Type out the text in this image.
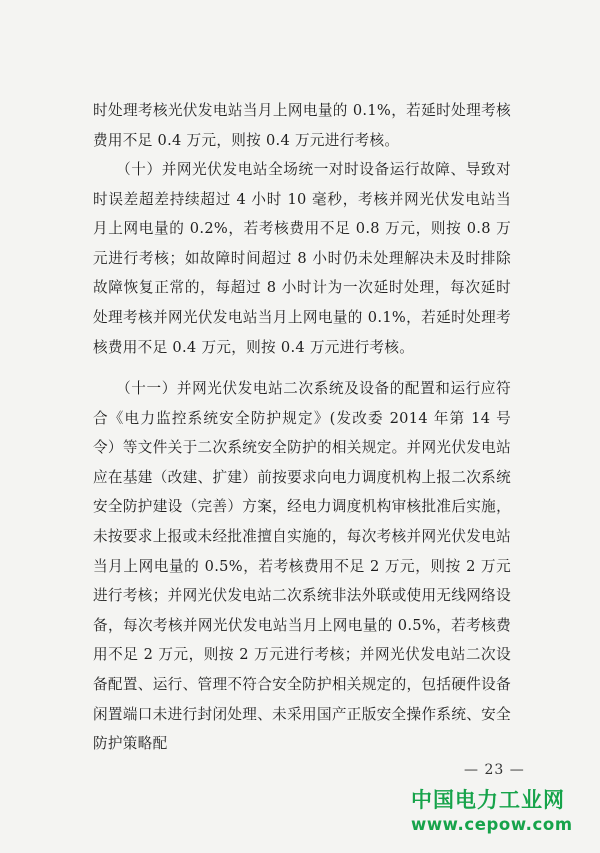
时处理考核光伏发电站当月上网电量的 0.1%，若延时处理考核费用不足 0.4 万元，则按 0.4 万元进行考核。

　　（十）并网光伏发电站全场统一对时设备运行故障、导致对时误差超差持续超过 4 小时 10 毫秒，考核并网光伏发电站当月上网电量的 0.2%，若考核费用不足 0.8 万元，则按 0.8 万元进行考核；如故障时间超过 8 小时仍未处理解决未及时排除故障恢复正常的，每超过 8 小时计为一次延时处理，每次延时处理考核并网光伏发电站当月上网电量的 0.1%，若延时处理考核费用不足 0.4 万元，则按 0.4 万元进行考核。

　　（十一）并网光伏发电站二次系统及设备的配置和运行应符合《电力监控系统安全防护规定》(发改委 2014 年第 14 号令）等文件关于二次系统安全防护的相关规定。并网光伏发电站应在基建（改建、扩建）前按要求向电力调度机构上报二次系统安全防护建设（完善）方案，经电力调度机构审核批准后实施，未按要求上报或未经批准擅自实施的，每次考核并网光伏发电站当月上网电量的 0.5%，若考核费用不足 2 万元，则按 2 万元进行考核；并网光伏发电站二次系统非法外联或使用无线网络设备，每次考核并网光伏发电站当月上网电量的 0.5%，若考核费用不足 2 万元，则按 2 万元进行考核；并网光伏发电站二次设备配置、运行、管理不符合安全防护相关规定的，包括硬件设备闲置端口未进行封闭处理、未采用国产正版安全操作系统、安全防护策略配

— 23 —
中国电力工业网
www.cepow.com
